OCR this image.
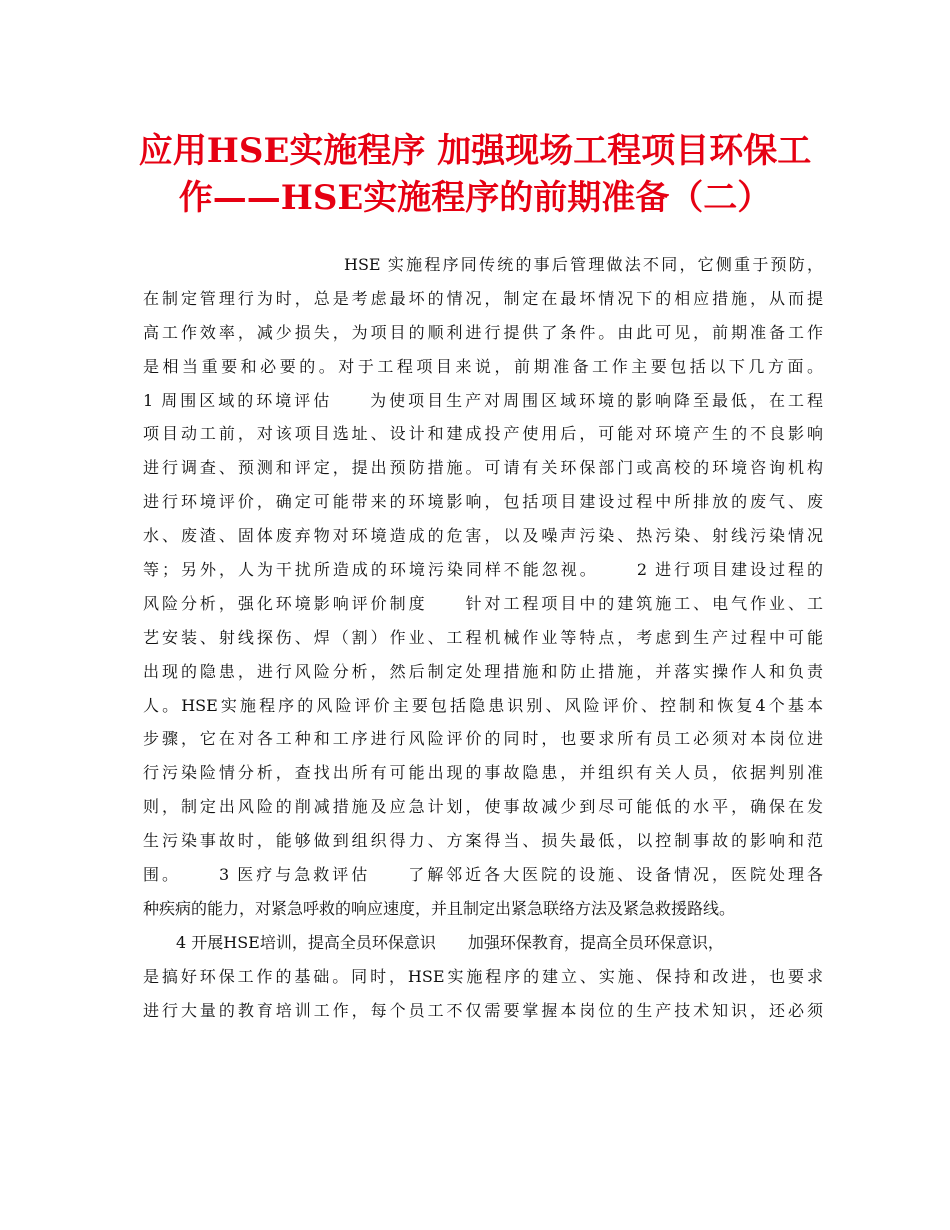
应用HSE实施程序 加强现场工程项目环保工
作——HSE实施程序的前期准备（二）
HSE 实施程序同传统的事后管理做法不同，它侧重于预防，
在制定管理行为时，总是考虑最坏的情况，制定在最坏情况下的相应措施，从而提
高工作效率，减少损失，为项目的顺利进行提供了条件。由此可见，前期准备工作
是相当重要和必要的。对于工程项目来说，前期准备工作主要包括以下几方面。
1 周围区域的环境评估　　为使项目生产对周围区域环境的影响降至最低，在工程
项目动工前，对该项目选址、设计和建成投产使用后，可能对环境产生的不良影响
进行调查、预测和评定，提出预防措施。可请有关环保部门或高校的环境咨询机构
进行环境评价，确定可能带来的环境影响，包括项目建设过程中所排放的废气、废
水、废渣、固体废弃物对环境造成的危害，以及噪声污染、热污染、射线污染情况
等；另外，人为干扰所造成的环境污染同样不能忽视。　　 2 进行项目建设过程的
风险分析，强化环境影响评价制度　　针对工程项目中的建筑施工、电气作业、工
艺安装、射线探伤、焊（割）作业、工程机械作业等特点，考虑到生产过程中可能
出现的隐患，进行风险分析，然后制定处理措施和防止措施，并落实操作人和负责
人。HSE实施程序的风险评价主要包括隐患识别、风险评价、控制和恢复4个基本
步骤，它在对各工种和工序进行风险评价的同时，也要求所有员工必须对本岗位进
行污染险情分析，查找出所有可能出现的事故隐患，并组织有关人员，依据判别准
则，制定出风险的削减措施及应急计划，使事故减少到尽可能低的水平，确保在发
生污染事故时，能够做到组织得力、方案得当、损失最低，以控制事故的影响和范
围。　　 3 医疗与急救评估　　了解邻近各大医院的设施、设备情况，医院处理各
种疾病的能力，对紧急呼救的响应速度，并且制定出紧急联络方法及紧急救援路线。
4 开展HSE培训，提高全员环保意识　　加强环保教育，提高全员环保意识，
是搞好环保工作的基础。同时，HSE实施程序的建立、实施、保持和改进，也要求
进行大量的教育培训工作，每个员工不仅需要掌握本岗位的生产技术知识，还必须
